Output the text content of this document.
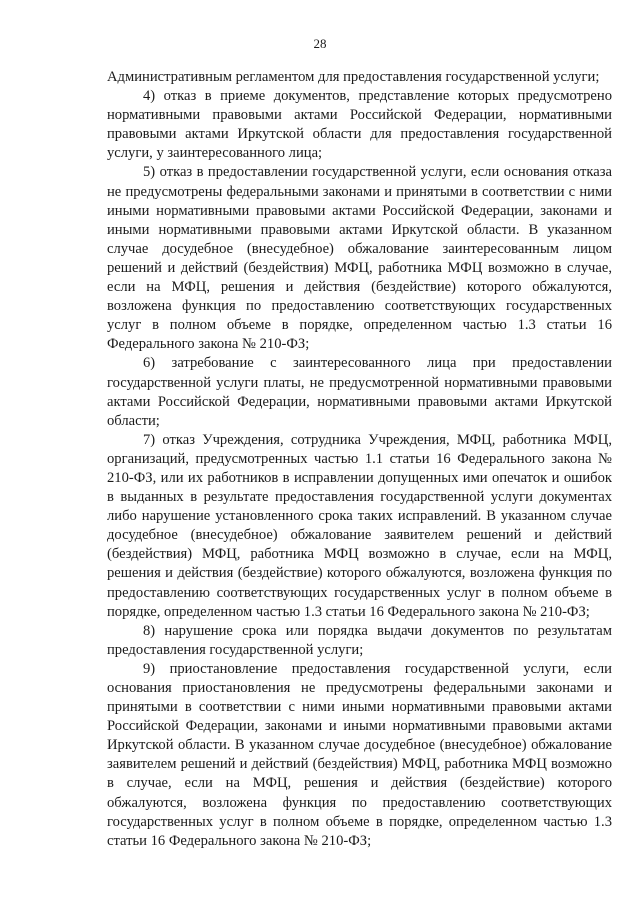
28

Административным регламентом для предоставления государственной услуги;

4) отказ в приеме документов, представление которых предусмотрено нормативными правовыми актами Российской Федерации, нормативными правовыми актами Иркутской области для предоставления государственной услуги, у заинтересованного лица;

5) отказ в предоставлении государственной услуги, если основания отказа не предусмотрены федеральными законами и принятыми в соответствии с ними иными нормативными правовыми актами Российской Федерации, законами и иными нормативными правовыми актами Иркутской области. В указанном случае досудебное (внесудебное) обжалование заинтересованным лицом решений и действий (бездействия) МФЦ, работника МФЦ возможно в случае, если на МФЦ, решения и действия (бездействие) которого обжалуются, возложена функция по предоставлению соответствующих государственных услуг в полном объеме в порядке, определенном частью 1.3 статьи 16 Федерального закона № 210-ФЗ;

6) затребование с заинтересованного лица при предоставлении государственной услуги платы, не предусмотренной нормативными правовыми актами Российской Федерации, нормативными правовыми актами Иркутской области;

7) отказ Учреждения, сотрудника Учреждения, МФЦ, работника МФЦ, организаций, предусмотренных частью 1.1 статьи 16 Федерального закона № 210-ФЗ, или их работников в исправлении допущенных ими опечаток и ошибок в выданных в результате предоставления государственной услуги документах либо нарушение установленного срока таких исправлений. В указанном случае досудебное (внесудебное) обжалование заявителем решений и действий (бездействия) МФЦ, работника МФЦ возможно в случае, если на МФЦ, решения и действия (бездействие) которого обжалуются, возложена функция по предоставлению соответствующих государственных услуг в полном объеме в порядке, определенном частью 1.3 статьи 16 Федерального закона № 210-ФЗ;

8) нарушение срока или порядка выдачи документов по результатам предоставления государственной услуги;

9) приостановление предоставления государственной услуги, если основания приостановления не предусмотрены федеральными законами и принятыми в соответствии с ними иными нормативными правовыми актами Российской Федерации, законами и иными нормативными правовыми актами Иркутской области. В указанном случае досудебное (внесудебное) обжалование заявителем решений и действий (бездействия) МФЦ, работника МФЦ возможно в случае, если на МФЦ, решения и действия (бездействие) которого обжалуются, возложена функция по предоставлению соответствующих государственных услуг в полном объеме в порядке, определенном частью 1.3 статьи 16 Федерального закона № 210-ФЗ;
